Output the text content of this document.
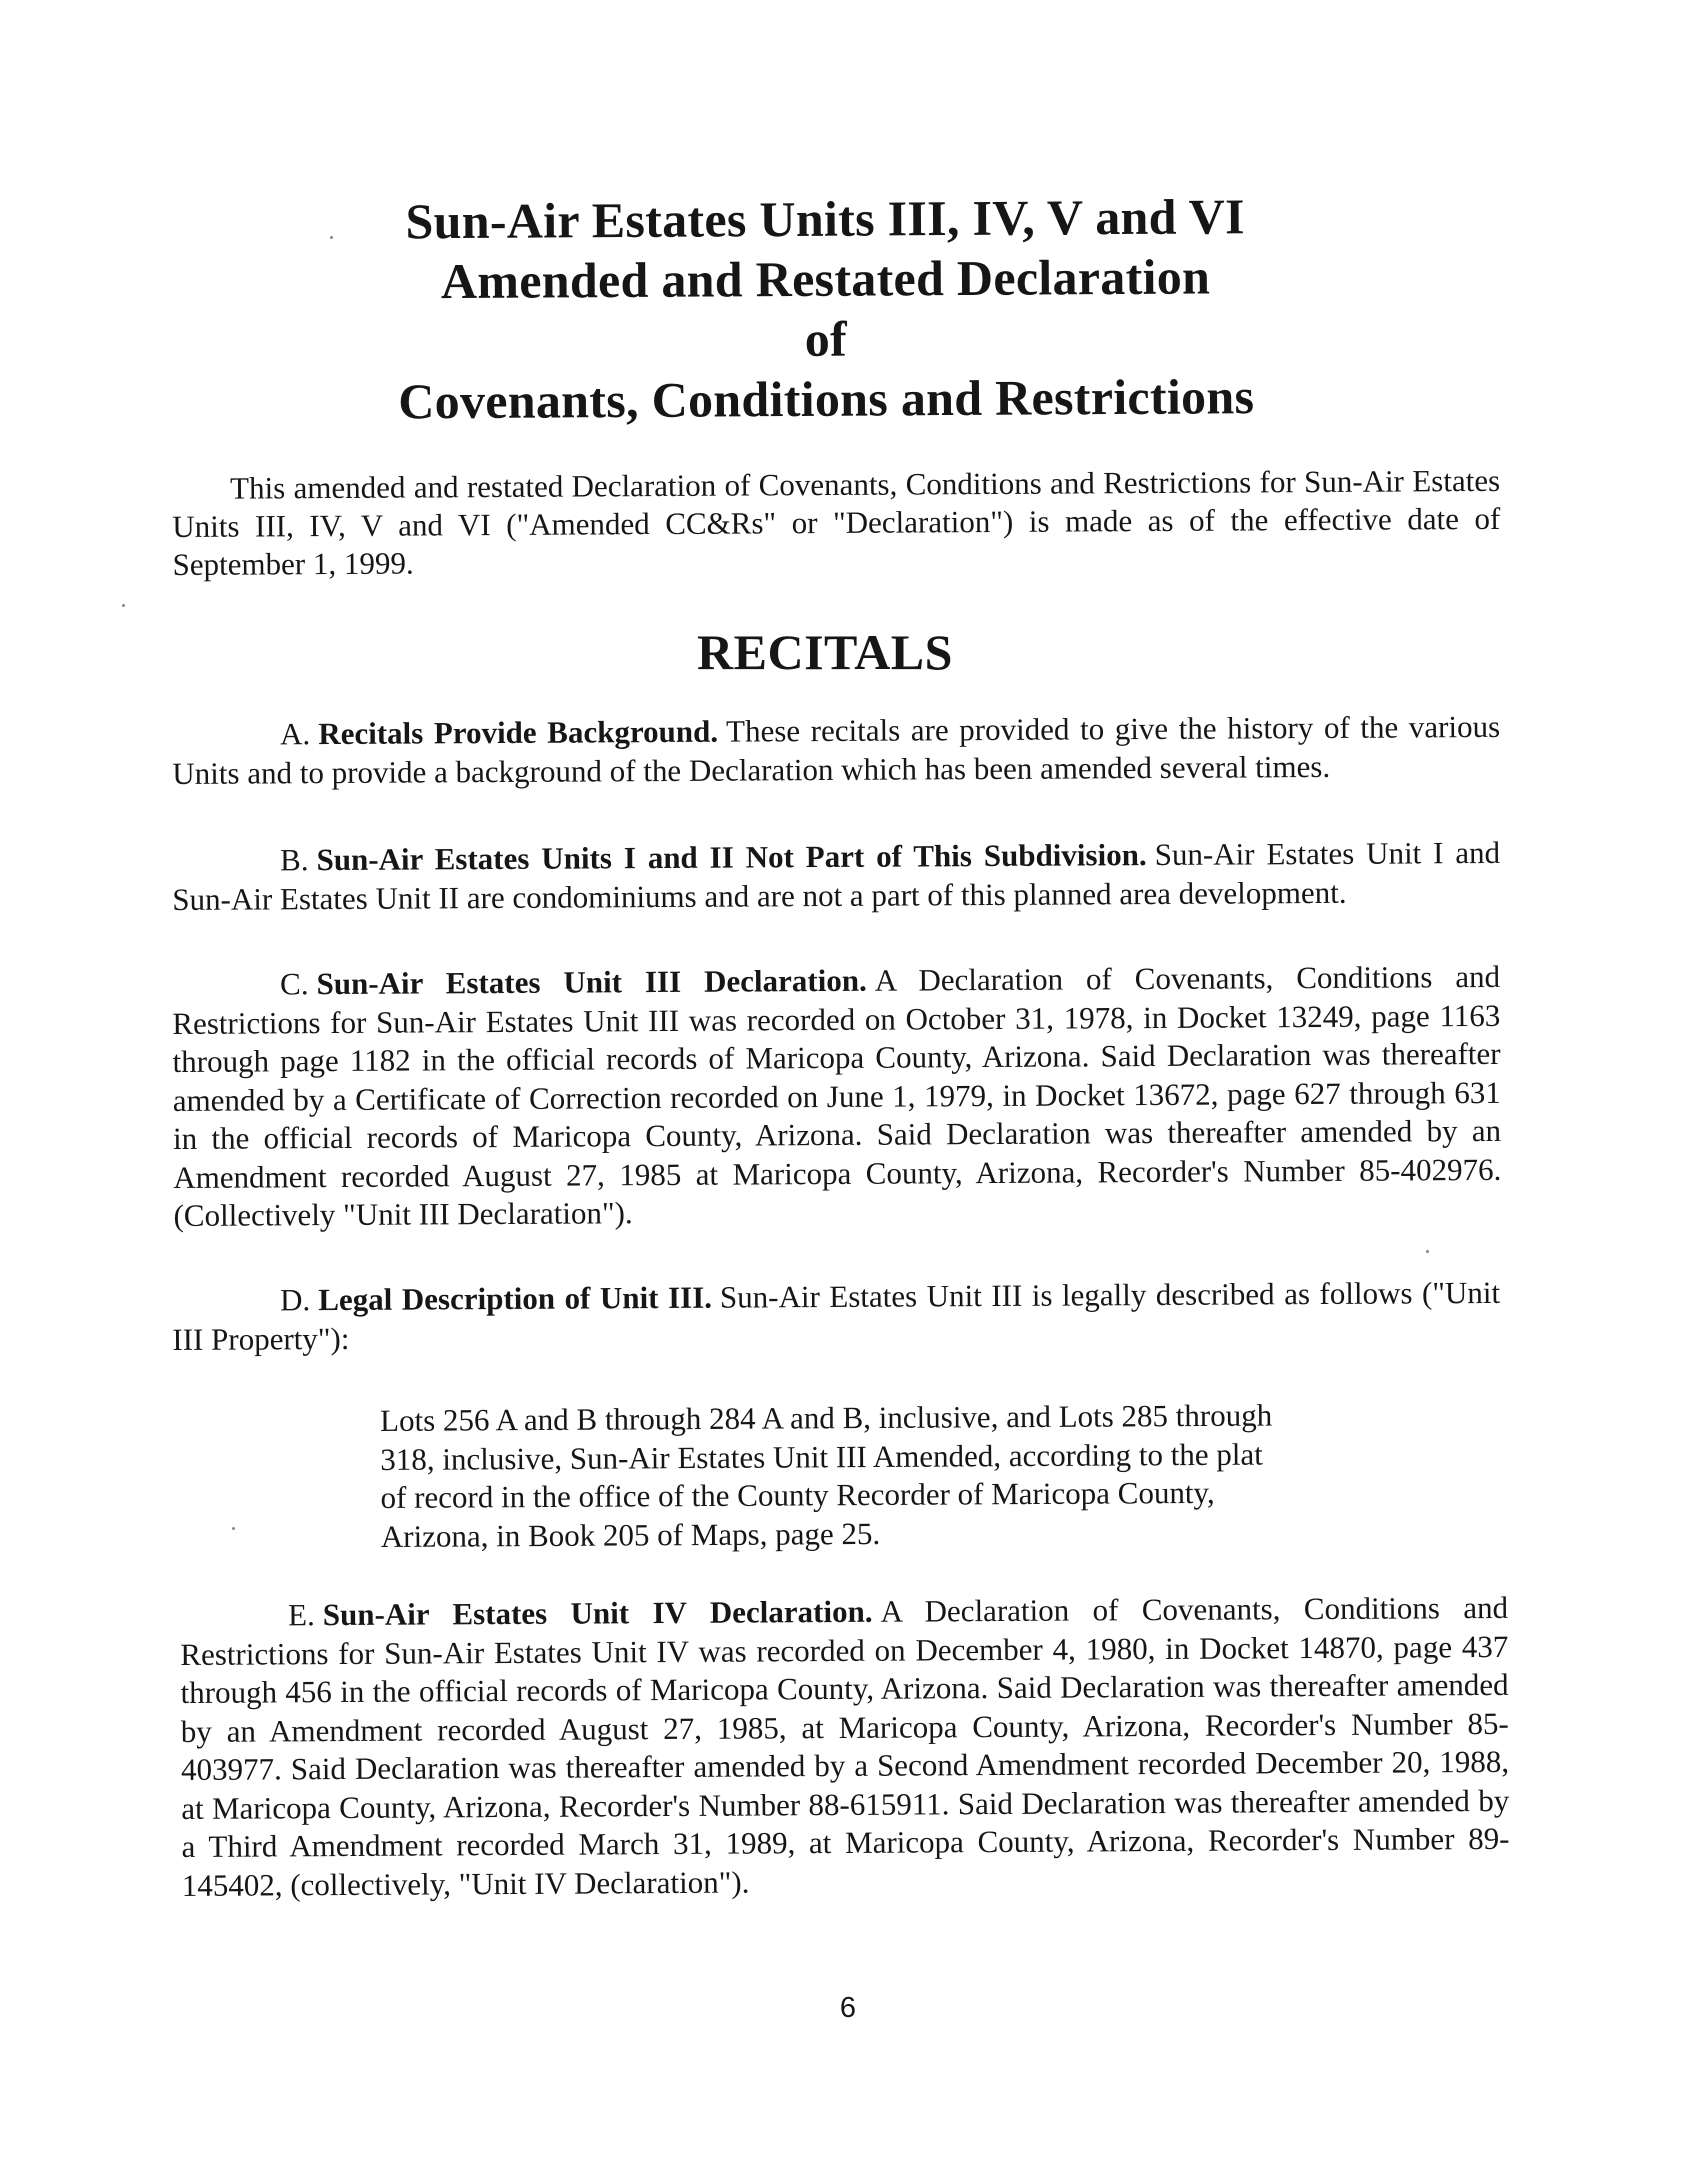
Sun-Air Estates Units III, IV, V and VI
Amended and Restated Declaration
of
Covenants, Conditions and Restrictions

This amended and restated Declaration of Covenants, Conditions and Restrictions for Sun-Air Estates Units III, IV, V and VI ("Amended CC&Rs" or "Declaration") is made as of the effective date of September 1, 1999.

RECITALS

A. Recitals Provide Background. These recitals are provided to give the history of the various Units and to provide a background of the Declaration which has been amended several times.

B. Sun-Air Estates Units I and II Not Part of This Subdivision. Sun-Air Estates Unit I and Sun-Air Estates Unit II are condominiums and are not a part of this planned area development.

C. Sun-Air Estates Unit III Declaration. A Declaration of Covenants, Conditions and Restrictions for Sun-Air Estates Unit III was recorded on October 31, 1978, in Docket 13249, page 1163 through page 1182 in the official records of Maricopa County, Arizona. Said Declaration was thereafter amended by a Certificate of Correction recorded on June 1, 1979, in Docket 13672, page 627 through 631 in the official records of Maricopa County, Arizona. Said Declaration was thereafter amended by an Amendment recorded August 27, 1985 at Maricopa County, Arizona, Recorder's Number 85-402976. (Collectively "Unit III Declaration").

D. Legal Description of Unit III. Sun-Air Estates Unit III is legally described as follows ("Unit III Property"):

Lots 256 A and B through 284 A and B, inclusive, and Lots 285 through 318, inclusive, Sun-Air Estates Unit III Amended, according to the plat of record in the office of the County Recorder of Maricopa County, Arizona, in Book 205 of Maps, page 25.

E. Sun-Air Estates Unit IV Declaration. A Declaration of Covenants, Conditions and Restrictions for Sun-Air Estates Unit IV was recorded on December 4, 1980, in Docket 14870, page 437 through 456 in the official records of Maricopa County, Arizona. Said Declaration was thereafter amended by an Amendment recorded August 27, 1985, at Maricopa County, Arizona, Recorder's Number 85-403977. Said Declaration was thereafter amended by a Second Amendment recorded December 20, 1988, at Maricopa County, Arizona, Recorder's Number 88-615911. Said Declaration was thereafter amended by a Third Amendment recorded March 31, 1989, at Maricopa County, Arizona, Recorder's Number 89-145402, (collectively, "Unit IV Declaration").

6
